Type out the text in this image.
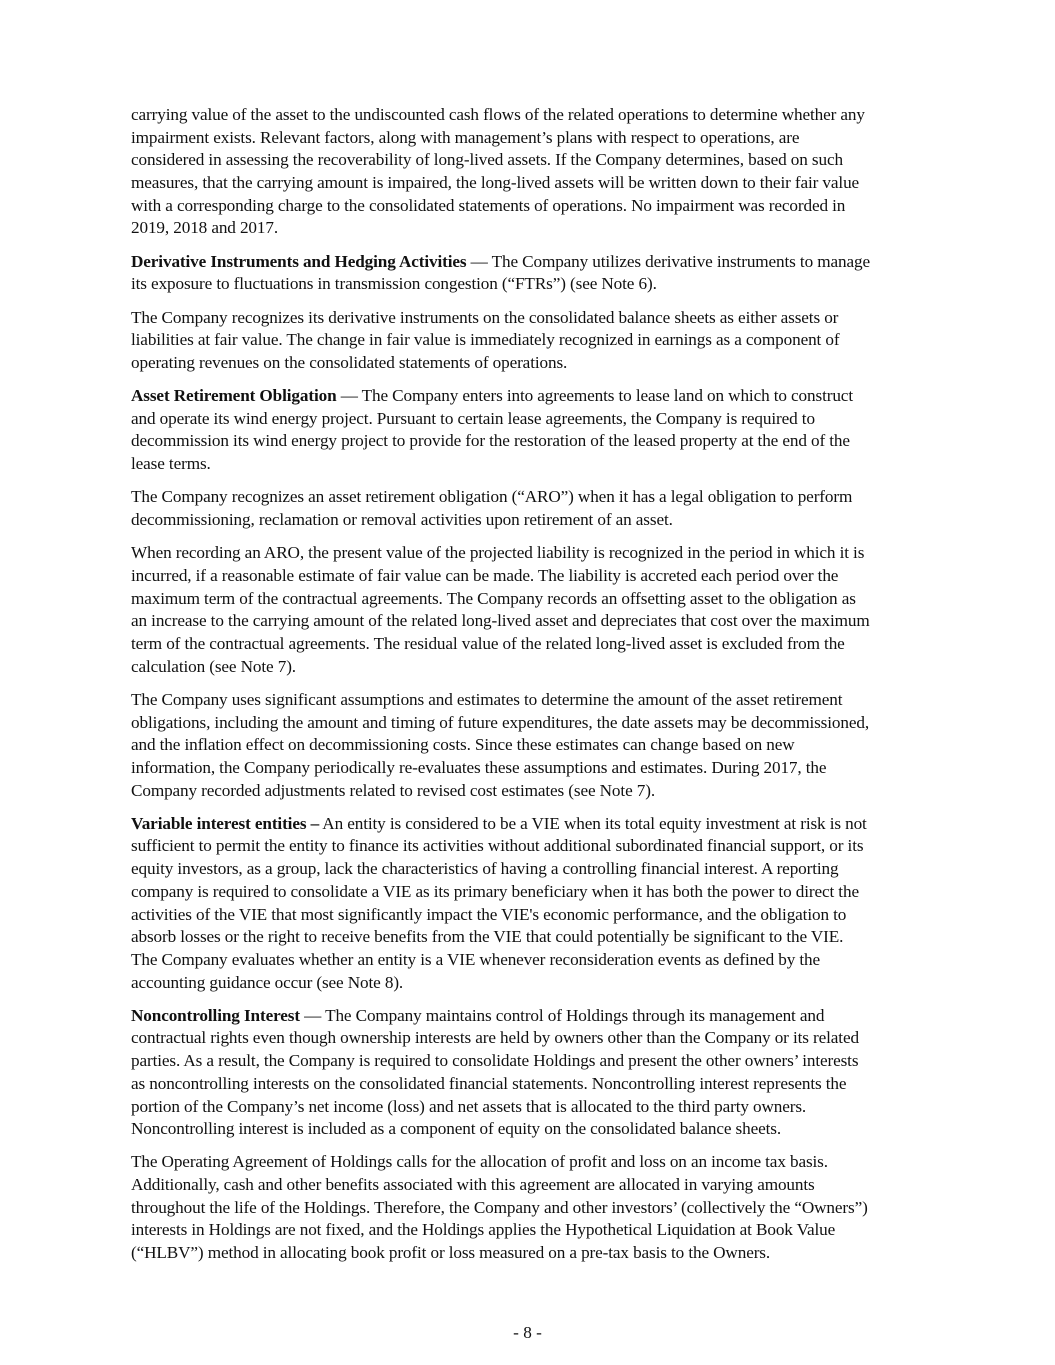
carrying value of the asset to the undiscounted cash flows of the related operations to determine whether any
impairment exists. Relevant factors, along with management’s plans with respect to operations, are
considered in assessing the recoverability of long-lived assets. If the Company determines, based on such
measures, that the carrying amount is impaired, the long-lived assets will be written down to their fair value
with a corresponding charge to the consolidated statements of operations. No impairment was recorded in
2019, 2018 and 2017.
Derivative Instruments and Hedging Activities — The Company utilizes derivative instruments to manage
its exposure to fluctuations in transmission congestion (“FTRs”) (see Note 6).
The Company recognizes its derivative instruments on the consolidated balance sheets as either assets or
liabilities at fair value. The change in fair value is immediately recognized in earnings as a component of
operating revenues on the consolidated statements of operations.
Asset Retirement Obligation — The Company enters into agreements to lease land on which to construct
and operate its wind energy project. Pursuant to certain lease agreements, the Company is required to
decommission its wind energy project to provide for the restoration of the leased property at the end of the
lease terms.
The Company recognizes an asset retirement obligation (“ARO”) when it has a legal obligation to perform
decommissioning, reclamation or removal activities upon retirement of an asset.
When recording an ARO, the present value of the projected liability is recognized in the period in which it is
incurred, if a reasonable estimate of fair value can be made. The liability is accreted each period over the
maximum term of the contractual agreements. The Company records an offsetting asset to the obligation as
an increase to the carrying amount of the related long-lived asset and depreciates that cost over the maximum
term of the contractual agreements. The residual value of the related long-lived asset is excluded from the
calculation (see Note 7).
The Company uses significant assumptions and estimates to determine the amount of the asset retirement
obligations, including the amount and timing of future expenditures, the date assets may be decommissioned,
and the inflation effect on decommissioning costs. Since these estimates can change based on new
information, the Company periodically re-evaluates these assumptions and estimates. During 2017, the
Company recorded adjustments related to revised cost estimates (see Note 7).
Variable interest entities – An entity is considered to be a VIE when its total equity investment at risk is not
sufficient to permit the entity to finance its activities without additional subordinated financial support, or its
equity investors, as a group, lack the characteristics of having a controlling financial interest. A reporting
company is required to consolidate a VIE as its primary beneficiary when it has both the power to direct the
activities of the VIE that most significantly impact the VIE's economic performance, and the obligation to
absorb losses or the right to receive benefits from the VIE that could potentially be significant to the VIE.
The Company evaluates whether an entity is a VIE whenever reconsideration events as defined by the
accounting guidance occur (see Note 8).
Noncontrolling Interest — The Company maintains control of Holdings through its management and
contractual rights even though ownership interests are held by owners other than the Company or its related
parties. As a result, the Company is required to consolidate Holdings and present the other owners’ interests
as noncontrolling interests on the consolidated financial statements. Noncontrolling interest represents the
portion of the Company’s net income (loss) and net assets that is allocated to the third party owners.
Noncontrolling interest is included as a component of equity on the consolidated balance sheets.
The Operating Agreement of Holdings calls for the allocation of profit and loss on an income tax basis.
Additionally, cash and other benefits associated with this agreement are allocated in varying amounts
throughout the life of the Holdings. Therefore, the Company and other investors’ (collectively the “Owners”)
interests in Holdings are not fixed, and the Holdings applies the Hypothetical Liquidation at Book Value
(“HLBV”) method in allocating book profit or loss measured on a pre-tax basis to the Owners.
- 8 -
